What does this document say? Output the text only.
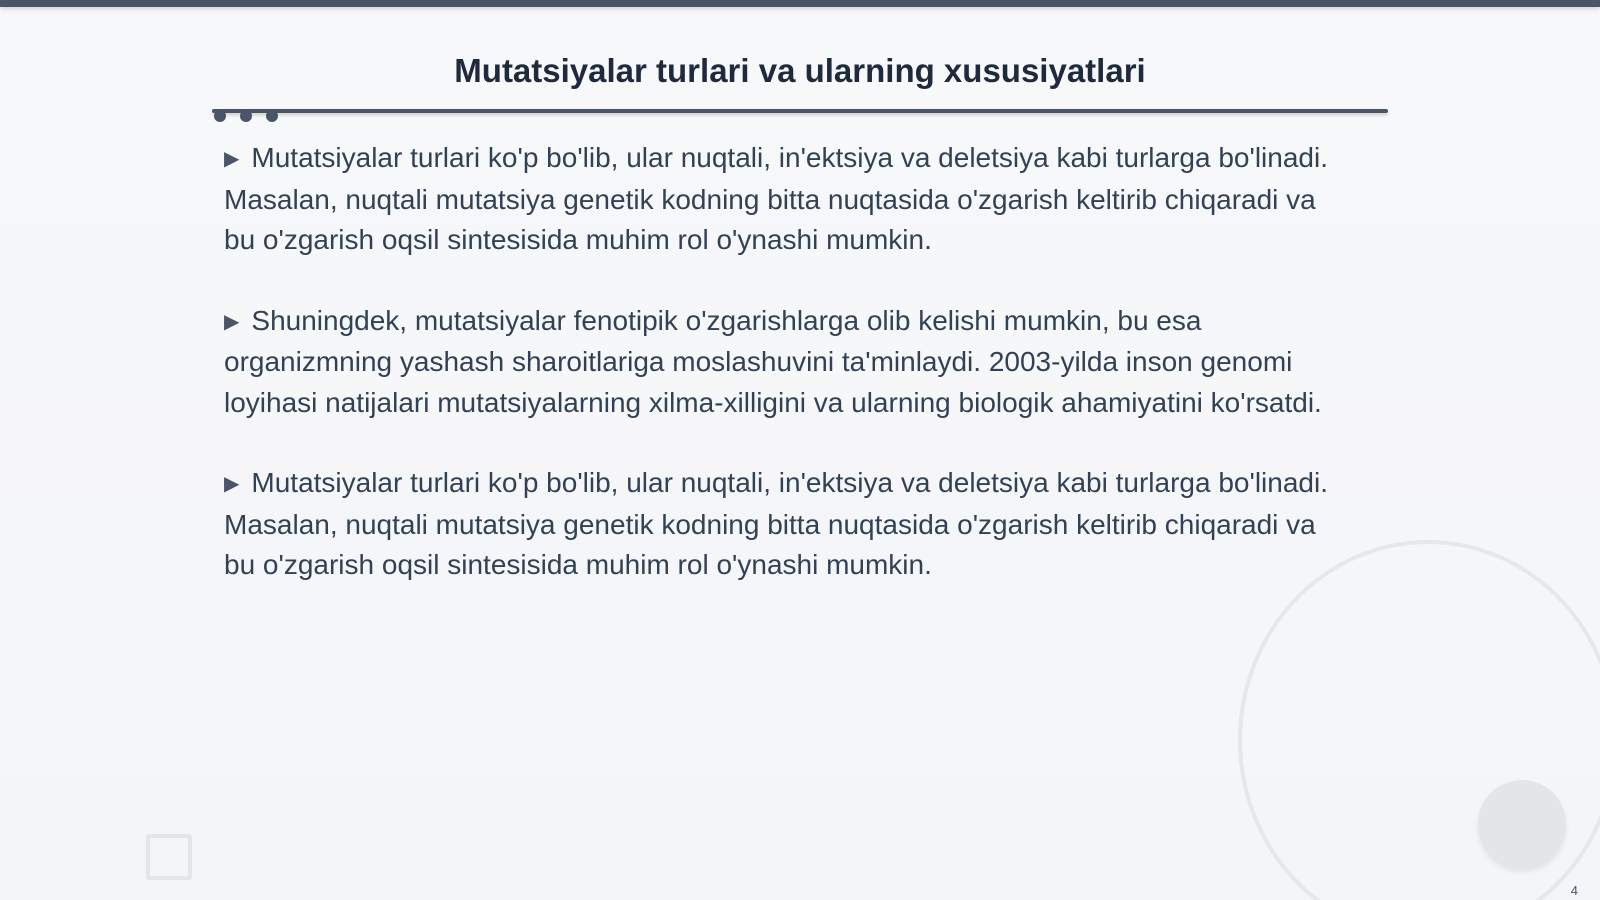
Mutatsiyalar turlari va ularning xususiyatlari

▶ Mutatsiyalar turlari ko'p bo'lib, ular nuqtali, in'ektsiya va deletsiya kabi turlarga bo'linadi. Masalan, nuqtali mutatsiya genetik kodning bitta nuqtasida o'zgarish keltirib chiqaradi va bu o'zgarish oqsil sintesisida muhim rol o'ynashi mumkin.

▶ Shuningdek, mutatsiyalar fenotipik o'zgarishlarga olib kelishi mumkin, bu esa organizmning yashash sharoitlariga moslashuvini ta'minlaydi. 2003-yilda inson genomi loyihasi natijalari mutatsiyalarning xilma-xilligini va ularning biologik ahamiyatini ko'rsatdi.

▶ Mutatsiyalar turlari ko'p bo'lib, ular nuqtali, in'ektsiya va deletsiya kabi turlarga bo'linadi. Masalan, nuqtali mutatsiya genetik kodning bitta nuqtasida o'zgarish keltirib chiqaradi va bu o'zgarish oqsil sintesisida muhim rol o'ynashi mumkin.

4
